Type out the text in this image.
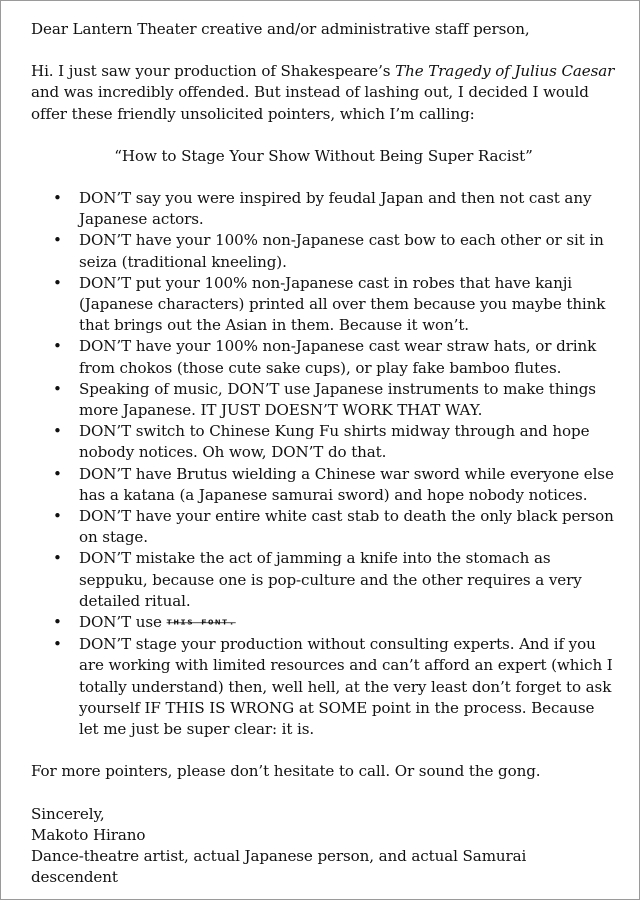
Dear Lantern Theater creative and/or administrative staff person,

Hi. I just saw your production of Shakespeare’s The Tragedy of Julius Caesar and was incredibly offended. But instead of lashing out, I decided I would offer these friendly unsolicited pointers, which I’m calling:

“How to Stage Your Show Without Being Super Racist”

• DON’T say you were inspired by feudal Japan and then not cast any Japanese actors.
• DON’T have your 100% non-Japanese cast bow to each other or sit in seiza (traditional kneeling).
• DON’T put your 100% non-Japanese cast in robes that have kanji (Japanese characters) printed all over them because you maybe think that brings out the Asian in them. Because it won’t.
• DON’T have your 100% non-Japanese cast wear straw hats, or drink from chokos (those cute sake cups), or play fake bamboo flutes.
• Speaking of music, DON’T use Japanese instruments to make things more Japanese. IT JUST DOESN’T WORK THAT WAY.
• DON’T switch to Chinese Kung Fu shirts midway through and hope nobody notices. Oh wow, DON’T do that.
• DON’T have Brutus wielding a Chinese war sword while everyone else has a katana (a Japanese samurai sword) and hope nobody notices.
• DON’T have your entire white cast stab to death the only black person on stage.
• DON’T mistake the act of jamming a knife into the stomach as seppuku, because one is pop-culture and the other requires a very detailed ritual.
• DON’T use THIS FONT.
• DON’T stage your production without consulting experts. And if you are working with limited resources and can’t afford an expert (which I totally understand) then, well hell, at the very least don’t forget to ask yourself IF THIS IS WRONG at SOME point in the process. Because let me just be super clear: it is.

For more pointers, please don’t hesitate to call. Or sound the gong.

Sincerely,

Makoto Hirano

Dance-theatre artist, actual Japanese person, and actual Samurai descendent
